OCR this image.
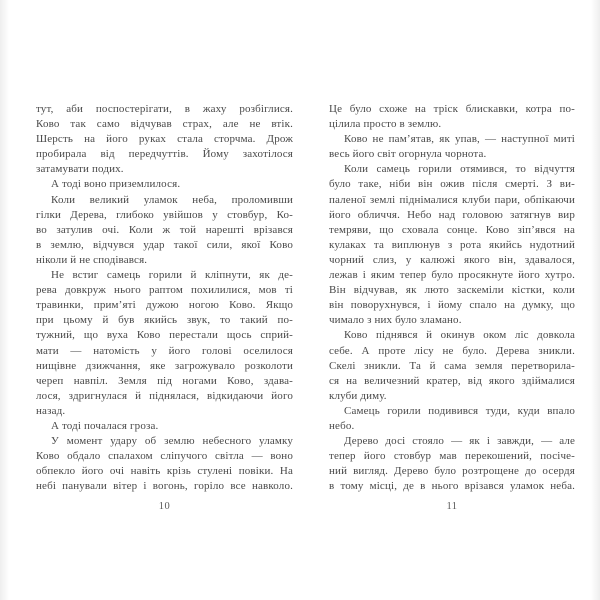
тут, аби поспостерігати, в жаху розбіглися.
Ково так само відчував страх, але не втік.
Шерсть на його руках стала сторчма. Дрож
пробирала від передчуттів. Йому захотілося
затамувати подих.
А тоді воно приземлилося.
Коли великий уламок неба, проломивши
гілки Дерева, глибоко увійшов у стовбур, Ко-
во затулив очі. Коли ж той нарешті врізався
в землю, відчувся удар такої сили, якої Ково
ніколи й не сподівався.
Не встиг самець горили й кліпнути, як де-
рева довкруж нього раптом похилилися, мов ті
травинки, прим’яті дужою ногою Ково. Якщо
при цьому й був якийсь звук, то такий по-
тужний, що вуха Ково перестали щось сприй-
мати — натомість у його голові оселилося
нищівне дзижчання, яке загрожувало розколоти
череп навпіл. Земля під ногами Ково, здава-
лося, здригнулася й піднялася, відкидаючи його
назад.
А тоді почалася гроза.
У момент удару об землю небесного уламку
Ково обдало спалахом сліпучого світла — воно
обпекло його очі навіть крізь стулені повіки. На
небі панували вітер і вогонь, горіло все навколо.
10
Це було схоже на тріск блискавки, котра по-
цілила просто в землю.
Ково не пам’ятав, як упав, — наступної миті
весь його світ огорнула чорнота.
Коли самець горили отямився, то відчуття
було таке, ніби він ожив після смерті. З ви-
паленої землі піднімалися клуби пари, обпікаючи
його обличчя. Небо над головою затягнув вир
темряви, що сховала сонце. Ково зіп’явся на
кулаках та виплюнув з рота якийсь нудотний
чорний слиз, у калюжі якого він, здавалося,
лежав і яким тепер було просякнуте його хутро.
Він відчував, як люто заскеміли кістки, коли
він поворухнувся, і йому спало на думку, що
чимало з них було зламано.
Ково піднявся й окинув оком ліс довкола
себе. А проте лісу не було. Дерева зникли.
Скелі зникли. Та й сама земля перетворила-
ся на величезний кратер, від якого здіймалися
клуби диму.
Самець горили подивився туди, куди впало
небо.
Дерево досі стояло — як і завжди, — але
тепер його стовбур мав перекошений, посіче-
ний вигляд. Дерево було розтрощене до осердя
в тому місці, де в нього врізався уламок неба.
11
